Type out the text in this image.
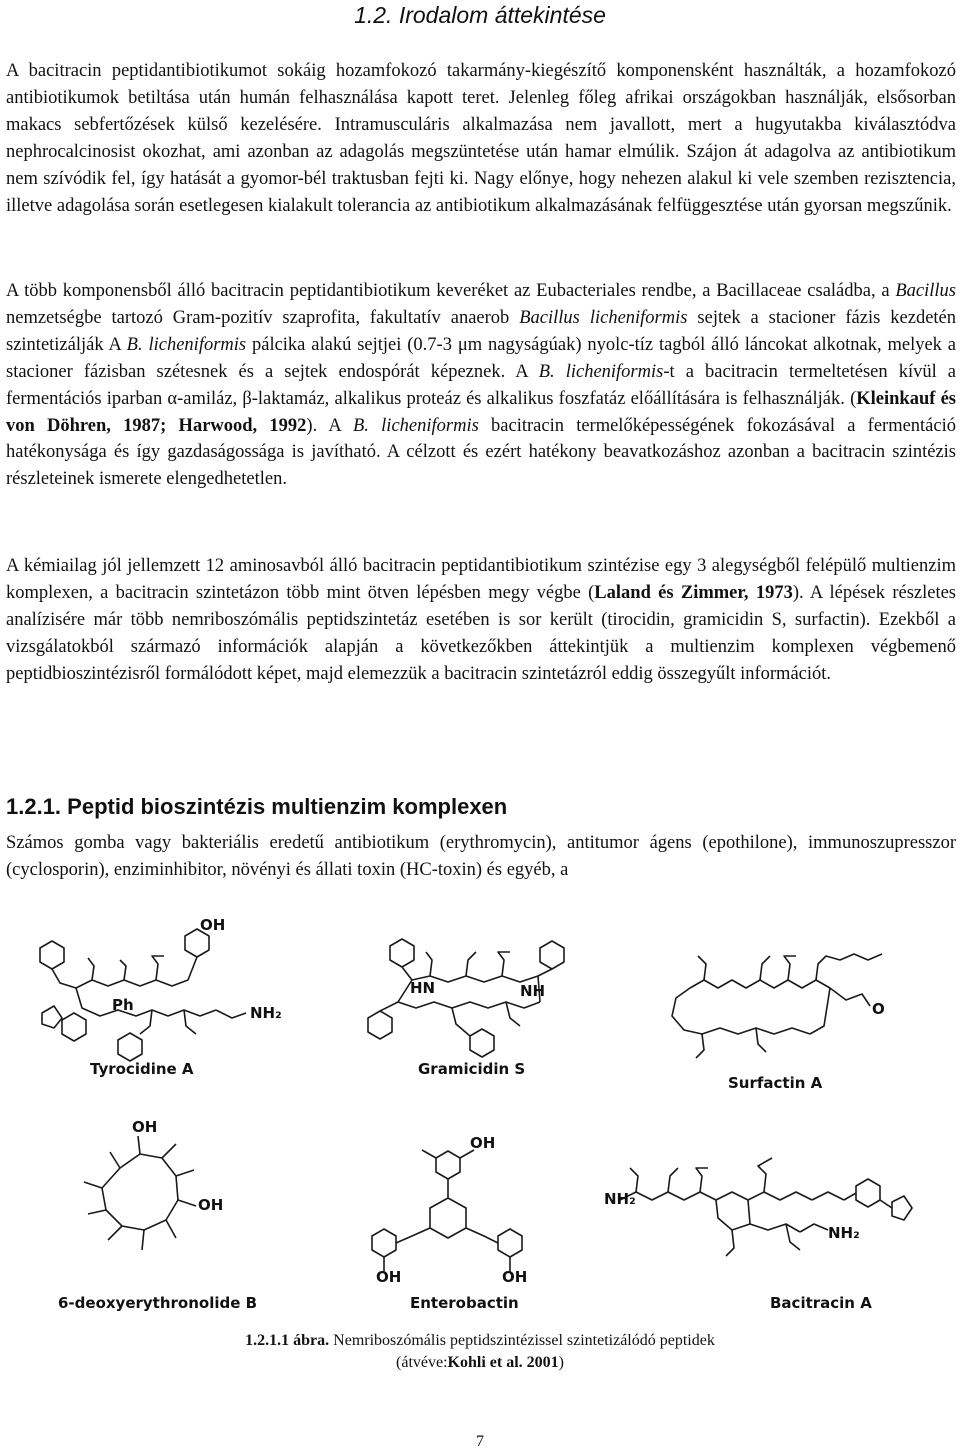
1.2. Irodalom áttekintése

A bacitracin peptidantibiotikumot sokáig hozamfokozó takarmány-kiegészítő komponensként használták, a hozamfokozó antibiotikumok betiltása után humán felhasználása kapott teret. Jelenleg főleg afrikai országokban használják, elsősorban makacs sebfertőzések külső kezelésére. Intramusculáris alkalmazása nem javallott, mert a hugyutakba kiválasztódva nephrocalcinosist okozhat, ami azonban az adagolás megszüntetése után hamar elmúlik. Szájon át adagolva az antibiotikum nem szívódik fel, így hatását a gyomor-bél traktusban fejti ki. Nagy előnye, hogy nehezen alakul ki vele szemben rezisztencia, illetve adagolása során esetlegesen kialakult tolerancia az antibiotikum alkalmazásának felfüggesztése után gyorsan megszűnik.

A több komponensből álló bacitracin peptidantibiotikum keveréket az Eubacteriales rendbe, a Bacillaceae családba, a Bacillus nemzetségbe tartozó Gram-pozitív szaprofita, fakultatív anaerob Bacillus licheniformis sejtek a stacioner fázis kezdetén szintetizálják A B. licheniformis pálcika alakú sejtjei (0.7-3 μm nagyságúak) nyolc-tíz tagból álló láncokat alkotnak, melyek a stacioner fázisban szétesnek és a sejtek endospórát képeznek. A B. licheniformis-t a bacitracin termeltetésen kívül a fermentációs iparban α-amiláz, β-laktamáz, alkalikus proteáz és alkalikus foszfatáz előállítására is felhasználják. (Kleinkauf és von Döhren, 1987; Harwood, 1992). A B. licheniformis bacitracin termelőképességének fokozásával a fermentáció hatékonysága és így gazdaságossága is javítható. A célzott és ezért hatékony beavatkozáshoz azonban a bacitracin szintézis részleteinek ismerete elengedhetetlen.

A kémiailag jól jellemzett 12 aminosavból álló bacitracin peptidantibiotikum szintézise egy 3 alegységből felépülő multienzim komplexen, a bacitracin szintetázon több mint ötven lépésben megy végbe (Laland és Zimmer, 1973). A lépések részletes analízisére már több nemriboszómális peptidszintetáz esetében is sor került (tirocidin, gramicidin S, surfactin). Ezekből a vizsgálatokból származó információk alapján a következőkben áttekintjük a multienzim komplexen végbemenő peptidbioszintézisről formálódott képet, majd elemezzük a bacitracin szintetázról eddig összegyűlt információt.

1.2.1. Peptid bioszintézis multienzim komplexen

Számos gomba vagy bakteriális eredetű antibiotikum (erythromycin), antitumor ágens (epothilone), immunoszupresszor (cyclosporin), enziminhibitor, növényi és állati toxin (HC-toxin) és egyéb, a

OH
NH₂
Ph
Tyrocidine A
HN	NH
Gramicidin S
O
Surfactin A
OH
OH
6-deoxyerythronolide B
OH
OH	OH
Enterobactin
NH₂
NH₂
Bacitracin A

1.2.1.1 ábra. Nemriboszómális peptidszintézissel szintetizálódó peptidek

(átvéve:Kohli et al. 2001)

7
